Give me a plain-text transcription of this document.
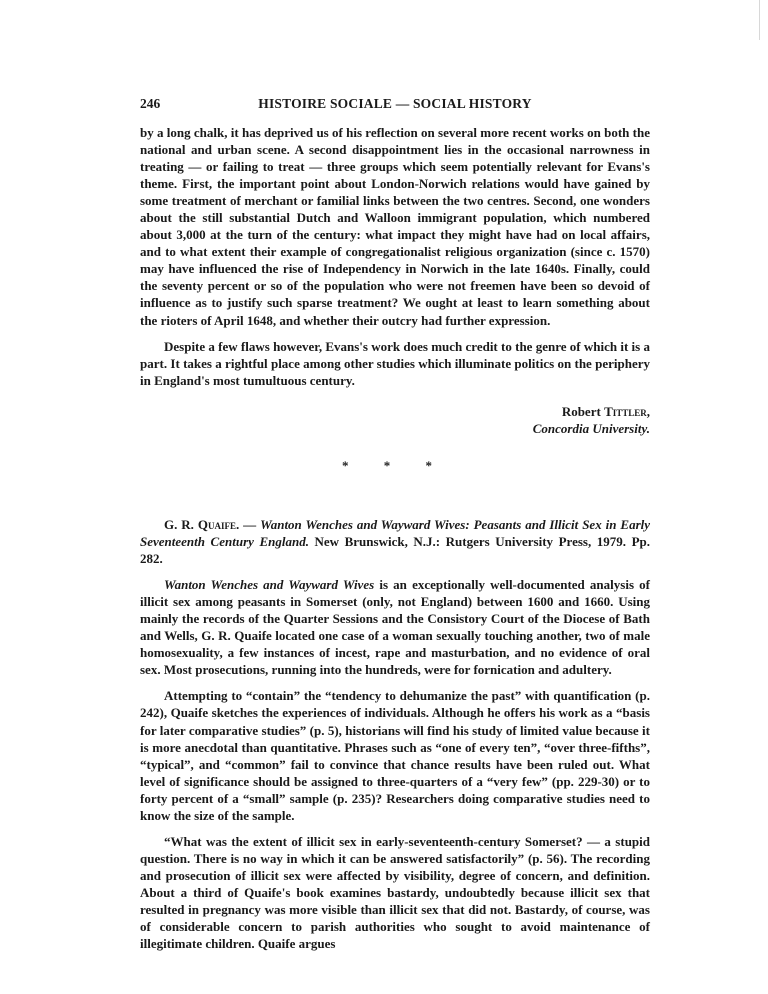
246	HISTOIRE SOCIALE — SOCIAL HISTORY

by a long chalk, it has deprived us of his reflection on several more recent works on both the national and urban scene. A second disappointment lies in the occasional narrowness in treating — or failing to treat — three groups which seem potentially relevant for Evans's theme. First, the important point about London-Norwich relations would have gained by some treatment of merchant or familial links between the two centres. Second, one wonders about the still substantial Dutch and Walloon immigrant population, which numbered about 3,000 at the turn of the century: what impact they might have had on local affairs, and to what extent their example of congregationalist religious organization (since c. 1570) may have influenced the rise of Independency in Norwich in the late 1640s. Finally, could the seventy percent or so of the population who were not freemen have been so devoid of influence as to justify such sparse treatment? We ought at least to learn something about the rioters of April 1648, and whether their outcry had further expression.

Despite a few flaws however, Evans's work does much credit to the genre of which it is a part. It takes a rightful place among other studies which illuminate politics on the periphery in England's most tumultuous century.

Robert Tittler,
Concordia University.
* * *

G. R. Quaife. — Wanton Wenches and Wayward Wives: Peasants and Illicit Sex in Early Seventeenth Century England. New Brunswick, N.J.: Rutgers University Press, 1979. Pp. 282.

Wanton Wenches and Wayward Wives is an exceptionally well-documented analysis of illicit sex among peasants in Somerset (only, not England) between 1600 and 1660. Using mainly the records of the Quarter Sessions and the Consistory Court of the Diocese of Bath and Wells, G. R. Quaife located one case of a woman sexually touching another, two of male homosexuality, a few instances of incest, rape and masturbation, and no evidence of oral sex. Most prosecutions, running into the hundreds, were for fornication and adultery.

Attempting to “contain” the “tendency to dehumanize the past” with quantification (p. 242), Quaife sketches the experiences of individuals. Although he offers his work as a “basis for later comparative studies” (p. 5), historians will find his study of limited value because it is more anecdotal than quantitative. Phrases such as “one of every ten”, “over three-fifths”, “typical”, and “common” fail to convince that chance results have been ruled out. What level of significance should be assigned to three-quarters of a “very few” (pp. 229-30) or to forty percent of a “small” sample (p. 235)? Researchers doing comparative studies need to know the size of the sample.

“What was the extent of illicit sex in early-seventeenth-century Somerset? — a stupid question. There is no way in which it can be answered satisfactorily” (p. 56). The recording and prosecution of illicit sex were affected by visibility, degree of concern, and definition. About a third of Quaife's book examines bastardy, undoubtedly because illicit sex that resulted in pregnancy was more visible than illicit sex that did not. Bastardy, of course, was of considerable concern to parish authorities who sought to avoid maintenance of illegitimate children. Quaife argues
